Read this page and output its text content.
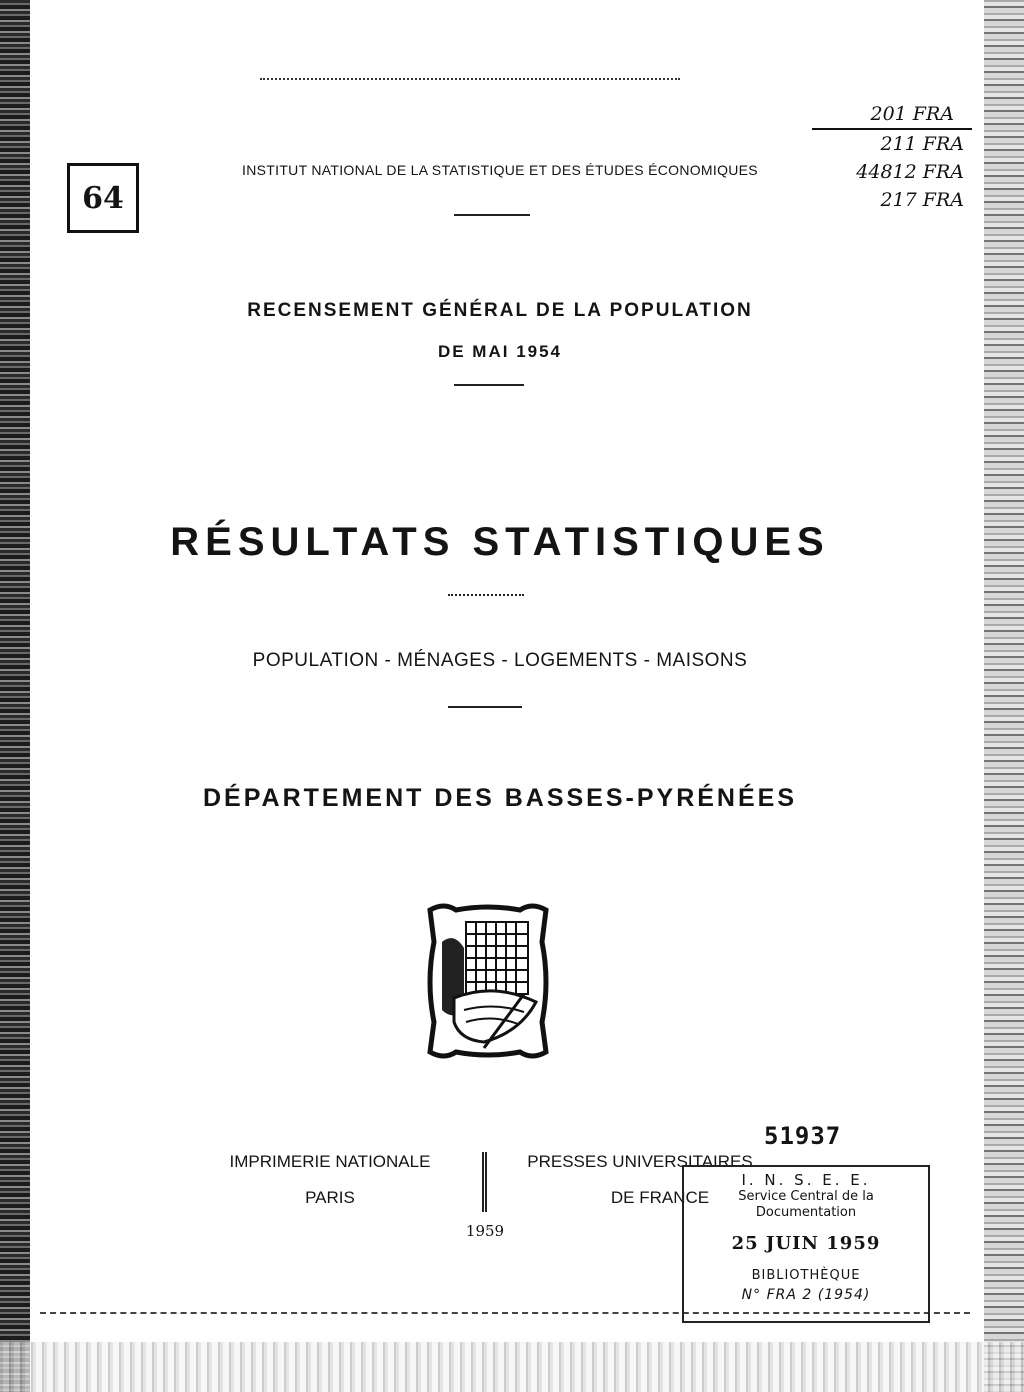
64
201 FRA
211 FRA
44812 FRA
217 FRA
INSTITUT NATIONAL DE LA STATISTIQUE ET DES ÉTUDES ÉCONOMIQUES
RECENSEMENT GÉNÉRAL DE LA POPULATION
DE MAI 1954
RÉSULTATS STATISTIQUES
POPULATION - MÉNAGES - LOGEMENTS - MAISONS
DÉPARTEMENT DES BASSES-PYRÉNÉES
IMPRIMERIE NATIONALE
PARIS
1959
PRESSES UNIVERSITAIRES
DE FRANCE
51937
I. N. S. E. E.
Service Central de la
Documentation
25 JUIN 1959
BIBLIOTHÈQUE
N° FRA 2 (1954)
